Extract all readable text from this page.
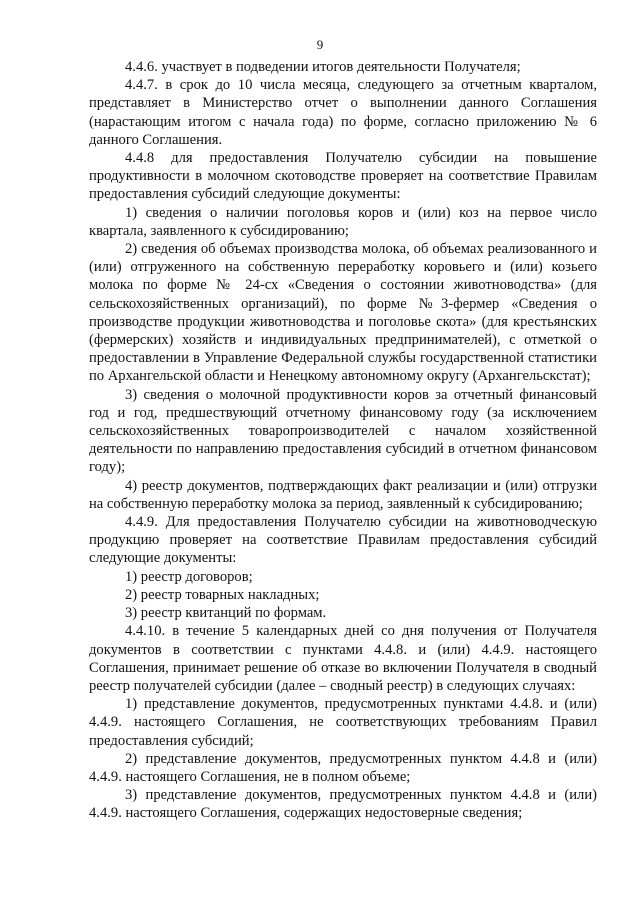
9

4.4.6. участвует в подведении итогов деятельности Получателя;

4.4.7. в срок до 10 числа месяца, следующего за отчетным кварталом, представляет в Министерство отчет о выполнении данного Соглашения (нарастающим итогом с начала года) по форме, согласно приложению № 6 данного Соглашения.

4.4.8 для предоставления Получателю субсидии на повышение продуктивности в молочном скотоводстве проверяет на соответствие Правилам предоставления субсидий следующие документы:

1) сведения о наличии поголовья коров и (или) коз на первое число квартала, заявленного к субсидированию;

2) сведения об объемах производства молока, об объемах реализованного и (или) отгруженного на собственную переработку коровьего и (или) козьего молока по форме № 24-сх «Сведения о состоянии животноводства» (для сельскохозяйственных организаций), по форме №3-фермер «Сведения о производстве продукции животноводства и поголовье скота» (для крестьянских (фермерских) хозяйств и индивидуальных предпринимателей), с отметкой о предоставлении в Управление Федеральной службы государственной статистики по Архангельской области и Ненецкому автономному округу (Архангельскстат);

3) сведения о молочной продуктивности коров за отчетный финансовый год и год, предшествующий отчетному финансовому году (за исключением сельскохозяйственных товаропроизводителей с началом хозяйственной деятельности по направлению предоставления субсидий в отчетном финансовом году);

4) реестр документов, подтверждающих факт реализации и (или) отгрузки на собственную переработку молока за период, заявленный к субсидированию;

4.4.9. Для предоставления Получателю субсидии на животноводческую продукцию проверяет на соответствие Правилам предоставления субсидий следующие документы:

1) реестр договоров;

2) реестр товарных накладных;

3) реестр квитанций по формам.

4.4.10. в течение 5 календарных дней со дня получения от Получателя документов в соответствии с пунктами 4.4.8. и (или) 4.4.9. настоящего Соглашения, принимает решение об отказе во включении Получателя в сводный реестр получателей субсидии (далее – сводный реестр) в следующих случаях:

1) представление документов, предусмотренных пунктами 4.4.8. и (или) 4.4.9. настоящего Соглашения, не соответствующих требованиям Правил предоставления субсидий;

2) представление документов, предусмотренных пунктом 4.4.8 и (или) 4.4.9. настоящего Соглашения, не в полном объеме;

3) представление документов, предусмотренных пунктом 4.4.8 и (или) 4.4.9. настоящего Соглашения, содержащих недостоверные сведения;
